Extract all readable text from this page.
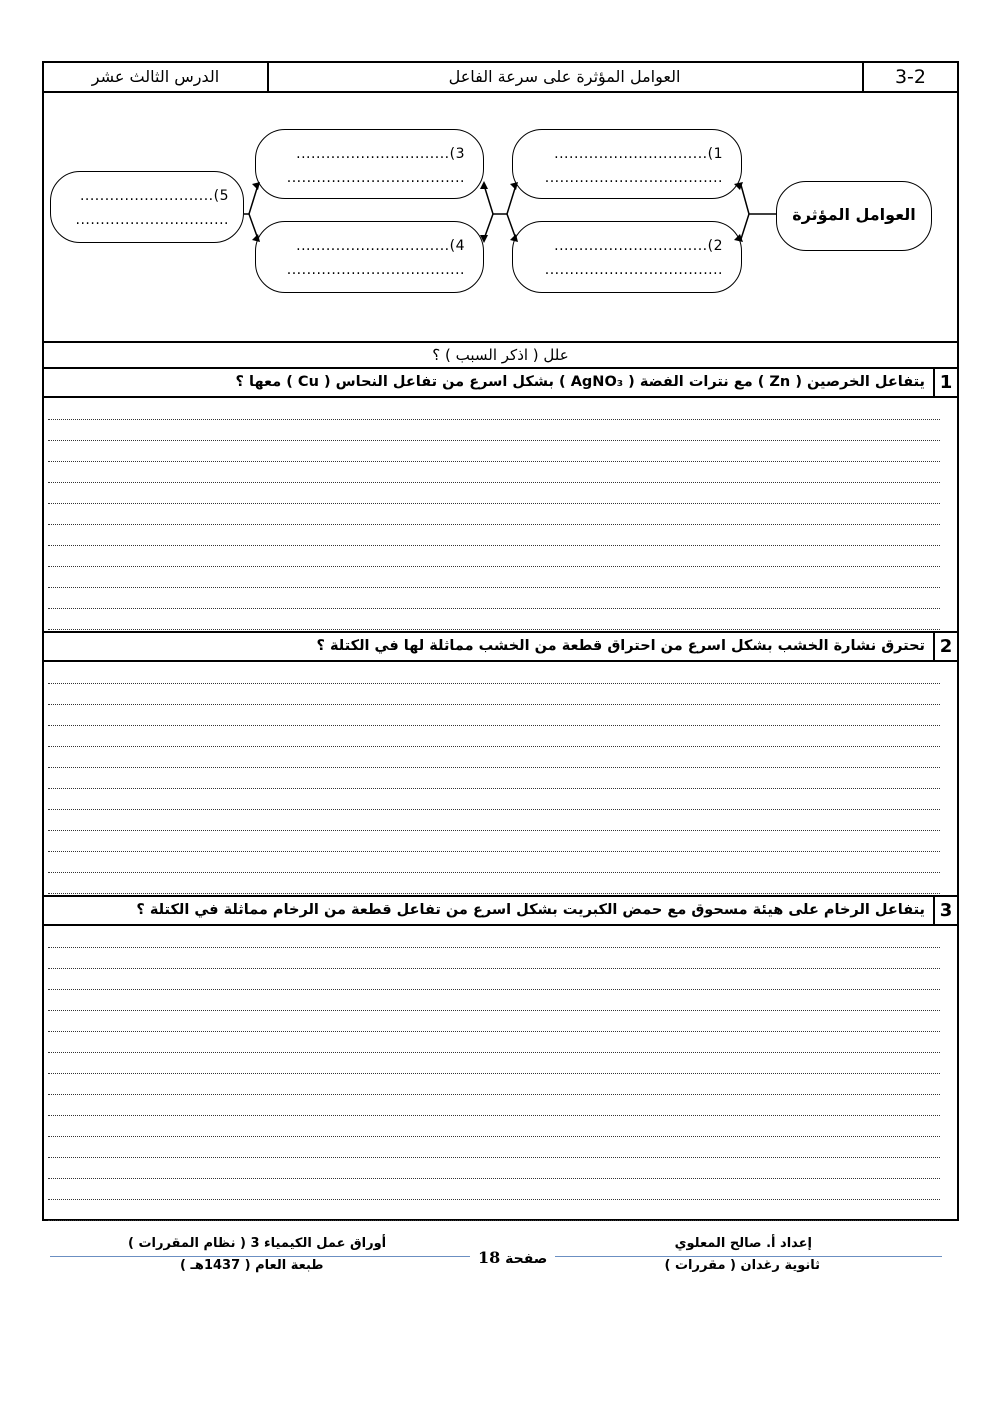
3-2
العوامل المؤثرة على سرعة الفاعل
الدرس الثالث عشر
العوامل المؤثرة
1)...............................
....................................
2)...............................
....................................
3)...............................
....................................
4)...............................
....................................
5)...........................
...............................
علل ( اذكر السبب ) ؟
1
يتفاعل الخرصين ( Zn ) مع نترات الفضة ( AgNO₃ ) بشكل اسرع من تفاعل النحاس ( Cu ) معها ؟
2
تحترق نشارة الخشب بشكل اسرع من احتراق قطعة من الخشب مماثلة لها في الكتلة ؟
3
يتفاعل الرخام على هيئة مسحوق مع حمض الكبريت بشكل اسرع من تفاعل قطعة من الرخام مماثلة في الكتلة ؟
إعداد أ. صالح المعلوي
ثانوية رغدان ( مقررات )
صفحة 18
أوراق عمل الكيمياء 3 ( نظام المقررات )
طبعة العام ( 1437هـ )
